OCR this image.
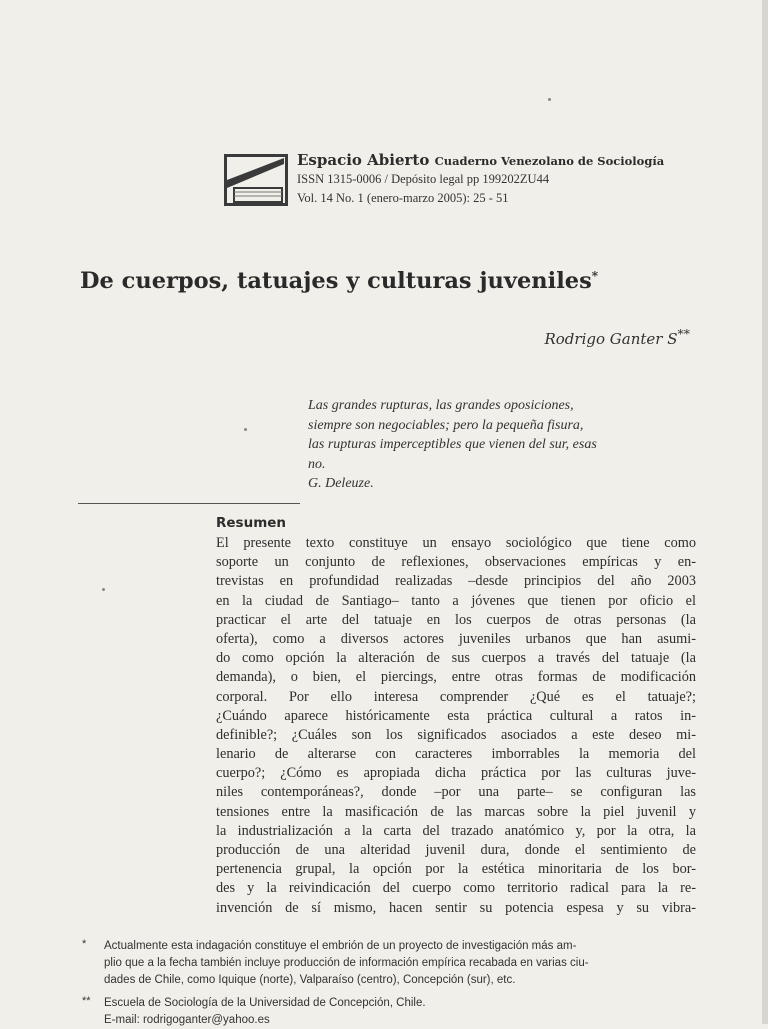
Espacio Abierto Cuaderno Venezolano de Sociología
ISSN 1315-0006 / Depósito legal pp 199202ZU44
Vol. 14 No. 1 (enero-marzo 2005): 25 - 51
De cuerpos, tatuajes y culturas juveniles*
Rodrigo Ganter S**
Las grandes rupturas, las grandes oposiciones,
siempre son negociables; pero la pequeña fisura,
las rupturas imperceptibles que vienen del sur, esas
no.
G. Deleuze.
Resumen
El presente texto constituye un ensayo sociológico que tiene como
soporte un conjunto de reflexiones, observaciones empíricas y en-
trevistas en profundidad realizadas –desde principios del año 2003
en la ciudad de Santiago– tanto a jóvenes que tienen por oficio el
practicar el arte del tatuaje en los cuerpos de otras personas (la
oferta), como a diversos actores juveniles urbanos que han asumi-
do como opción la alteración de sus cuerpos a través del tatuaje (la
demanda), o bien, el piercings, entre otras formas de modificación
corporal. Por ello interesa comprender ¿Qué es el tatuaje?;
¿Cuándo aparece históricamente esta práctica cultural a ratos in-
definible?; ¿Cuáles son los significados asociados a este deseo mi-
lenario de alterarse con caracteres imborrables la memoria del
cuerpo?; ¿Cómo es apropiada dicha práctica por las culturas juve-
niles contemporáneas?, donde –por una parte– se configuran las
tensiones entre la masificación de las marcas sobre la piel juvenil y
la industrialización a la carta del trazado anatómico y, por la otra, la
producción de una alteridad juvenil dura, donde el sentimiento de
pertenencia grupal, la opción por la estética minoritaria de los bor-
des y la reivindicación del cuerpo como territorio radical para la re-
invención de sí mismo, hacen sentir su potencia espesa y su vibra-
* Actualmente esta indagación constituye el embrión de un proyecto de investigación más am-
plio que a la fecha también incluye producción de información empírica recabada en varias ciu-
dades de Chile, como Iquique (norte), Valparaíso (centro), Concepción (sur), etc.
** Escuela de Sociología de la Universidad de Concepción, Chile.
E-mail: rodrigoganter@yahoo.es
